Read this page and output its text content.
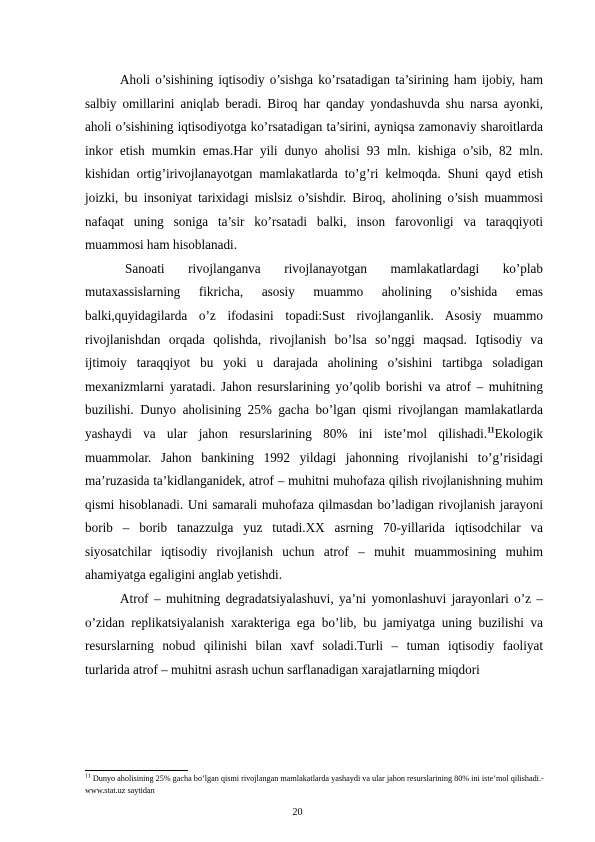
Aholi o’sishining iqtisodiy o’sishga ko’rsatadigan ta’sirining ham ijobiy, ham salbiy omillarini aniqlab beradi. Biroq har qanday yondashuvda shu narsa ayonki, aholi o’sishining iqtisodiyotga ko’rsatadigan ta’sirini, ayniqsa zamonaviy sharoitlarda inkor etish mumkin emas.Har yili dunyo aholisi 93 mln. kishiga o’sib, 82 mln. kishidan ortig’irivojlanayotgan mamlakatlarda to’g’ri kelmoqda. Shuni qayd etish joizki, bu insoniyat tarixidagi mislsiz o’sishdir. Biroq, aholining o’sish muammosi nafaqat uning soniga ta’sir ko’rsatadi balki, inson farovonligi va taraqqiyoti muammosi ham hisoblanadi.

Sanoati rivojlanganva rivojlanayotgan mamlakatlardagi ko’plab mutaxassislarning fikricha, asosiy muammo aholining o’sishida emas balki,quyidagilarda o’z ifodasini topadi:Sust rivojlanganlik. Asosiy muammo rivojlanishdan orqada qolishda, rivojlanish bo’lsa so’nggi maqsad. Iqtisodiy va ijtimoiy taraqqiyot bu yoki u darajada aholining o’sishini tartibga soladigan mexanizmlarni yaratadi. Jahon resurslarining yo’qolib borishi va atrof – muhitning buzilishi. Dunyo aholisining 25% gacha bo’lgan qismi rivojlangan mamlakatlarda yashaydi va ular jahon resurslarining 80% ini iste’mol qilishadi.$^{11}$Ekologik muammolar. Jahon bankining 1992 yildagi jahonning rivojlanishi to’g’risidagi ma’ruzasida ta’kidlanganidek, atrof – muhitni muhofaza qilish rivojlanishning muhim qismi hisoblanadi. Uni samarali muhofaza qilmasdan bo’ladigan rivojlanish jarayoni borib – borib tanazzulga yuz tutadi.XX asrning 70-yillarida iqtisodchilar va siyosatchilar iqtisodiy rivojlanish uchun atrof – muhit muammosining muhim ahamiyatga egaligini anglab yetishdi.

Atrof – muhitning degradatsiyalashuvi, ya’ni yomonlashuvi jarayonlari o’z –o’zidan replikatsiyalanish xarakteriga ega bo’lib, bu jamiyatga uning buzilishi va resurslarning nobud qilinishi bilan xavf soladi.Turli – tuman iqtisodiy faoliyat turlarida atrof – muhitni asrash uchun sarflanadigan xarajatlarning miqdori

$^{11}$ Dunyo aholisining 25% gacha bo’lgan qismi rivojlangan mamlakatlarda yashaydi va ular jahon resurslarining 80% ini iste’mol qilishadi.-www.stat.uz saytidan
20
